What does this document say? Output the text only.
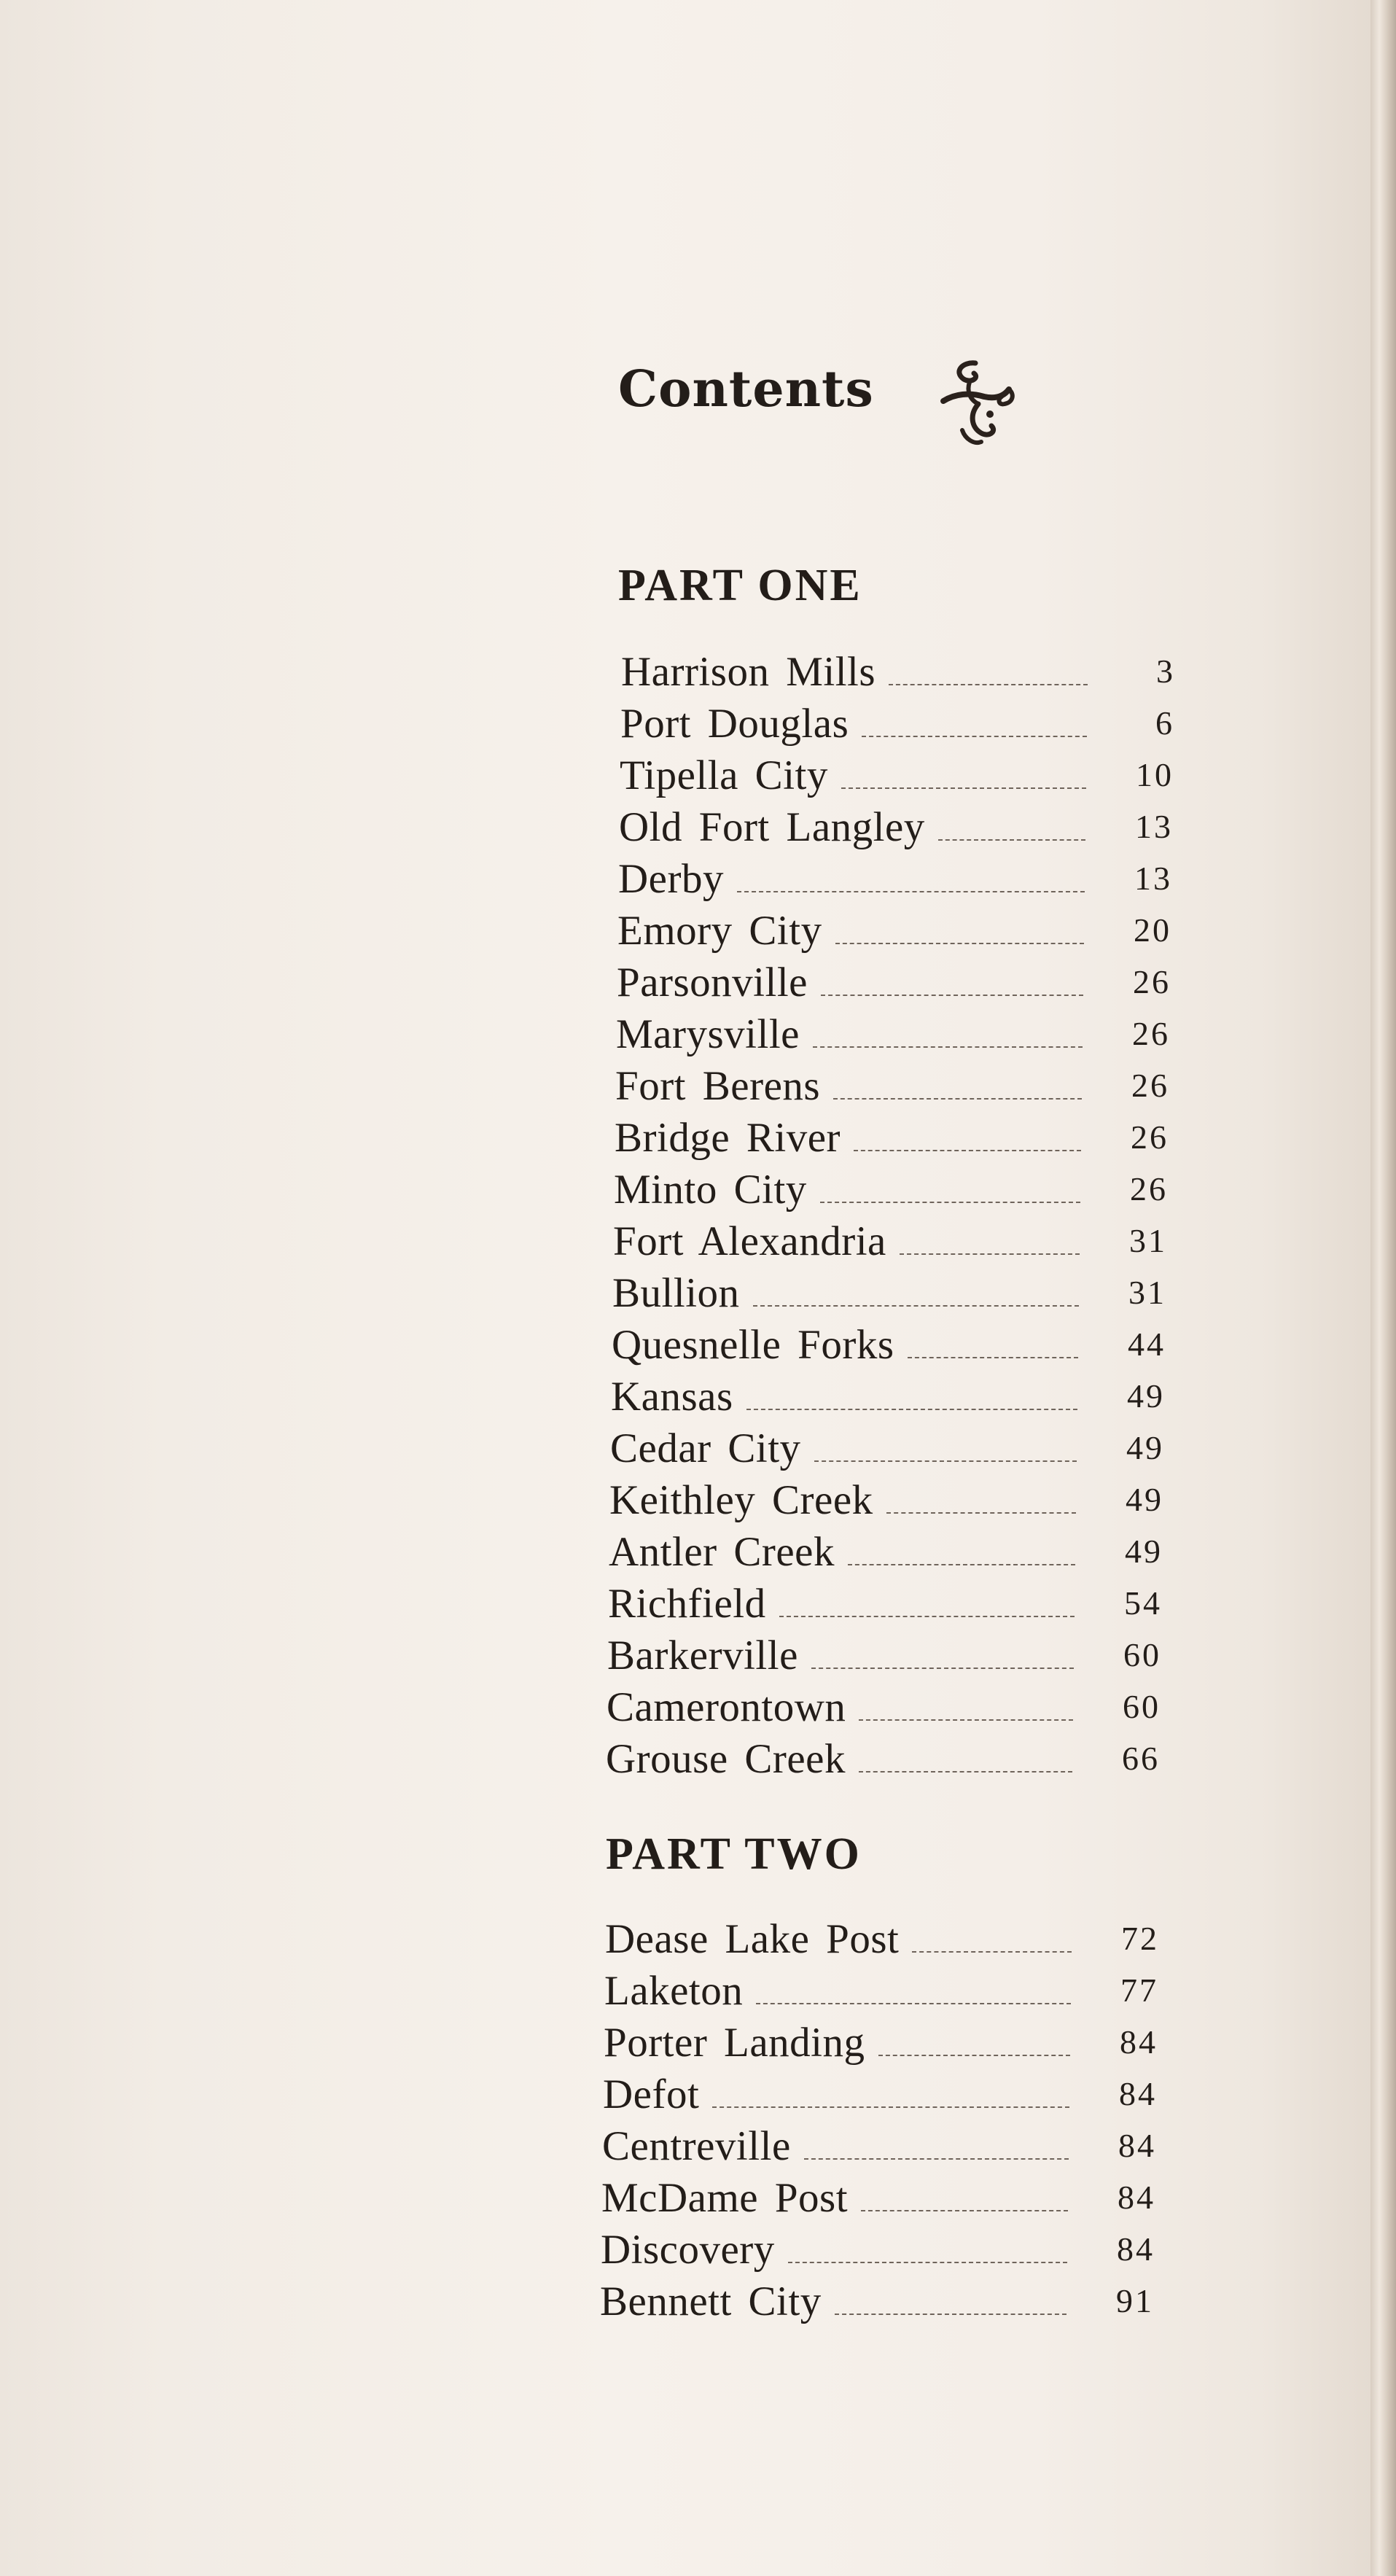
Contents
PART ONE
Harrison Mills	3
Port Douglas	6
Tipella City	10
Old Fort Langley	13
Derby	13
Emory City	20
Parsonville	26
Marysville	26
Fort Berens	26
Bridge River	26
Minto City	26
Fort Alexandria	31
Bullion	31
Quesnelle Forks	44
Kansas	49
Cedar City	49
Keithley Creek	49
Antler Creek	49
Richfield	54
Barkerville	60
Camerontown	60
Grouse Creek	66
PART TWO
Dease Lake Post	72
Laketon	77
Porter Landing	84
Defot	84
Centreville	84
McDame Post	84
Discovery	84
Bennett City	91
